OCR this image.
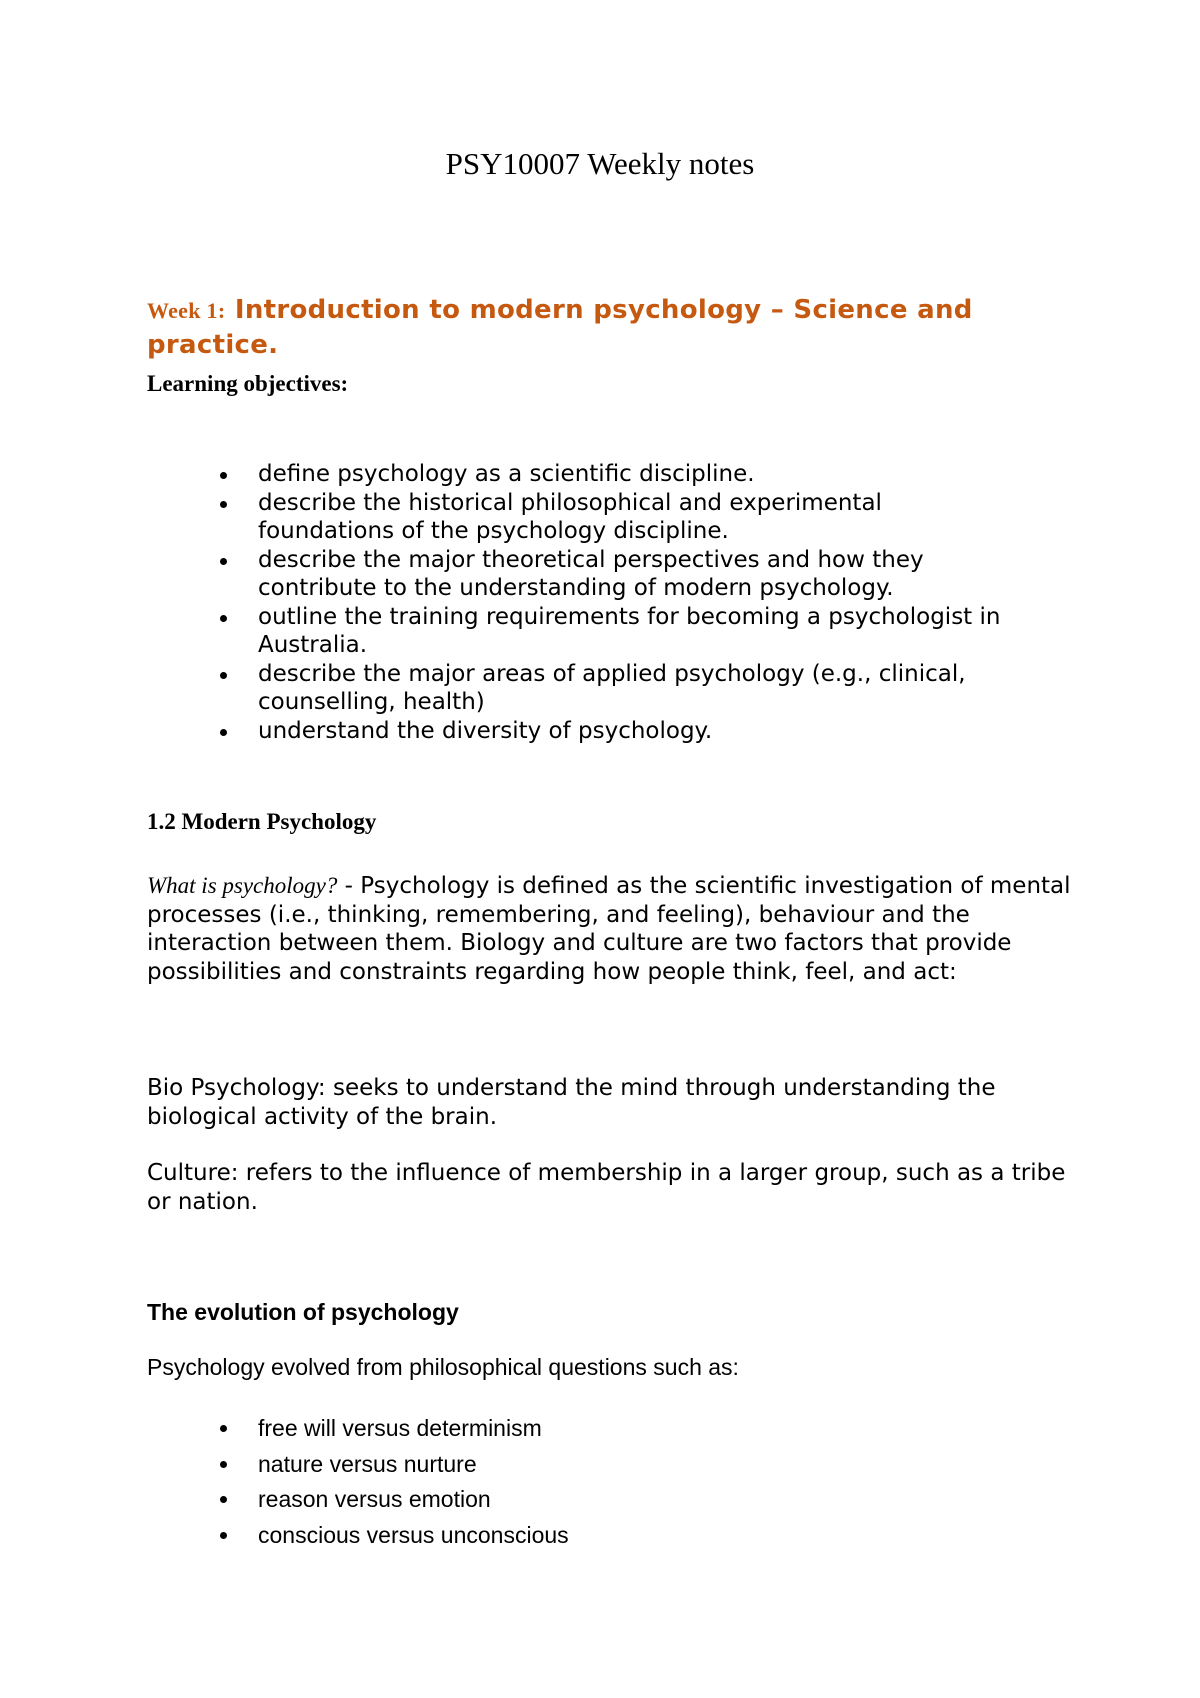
PSY10007 Weekly notes
Week 1: Introduction to modern psychology – Science and practice.
Learning objectives:
define psychology as a scientific discipline.
describe the historical philosophical and experimental foundations of the psychology discipline.
describe the major theoretical perspectives and how they contribute to the understanding of modern psychology.
outline the training requirements for becoming a psychologist in Australia.
describe the major areas of applied psychology (e.g., clinical, counselling, health)
understand the diversity of psychology.
1.2 Modern Psychology
What is psychology? - Psychology is defined as the scientific investigation of mental processes (i.e., thinking, remembering, and feeling), behaviour and the interaction between them. Biology and culture are two factors that provide possibilities and constraints regarding how people think, feel, and act:
Bio Psychology: seeks to understand the mind through understanding the biological activity of the brain.
Culture: refers to the influence of membership in a larger group, such as a tribe or nation.
The evolution of psychology
Psychology evolved from philosophical questions such as:
free will versus determinism
nature versus nurture
reason versus emotion
conscious versus unconscious
